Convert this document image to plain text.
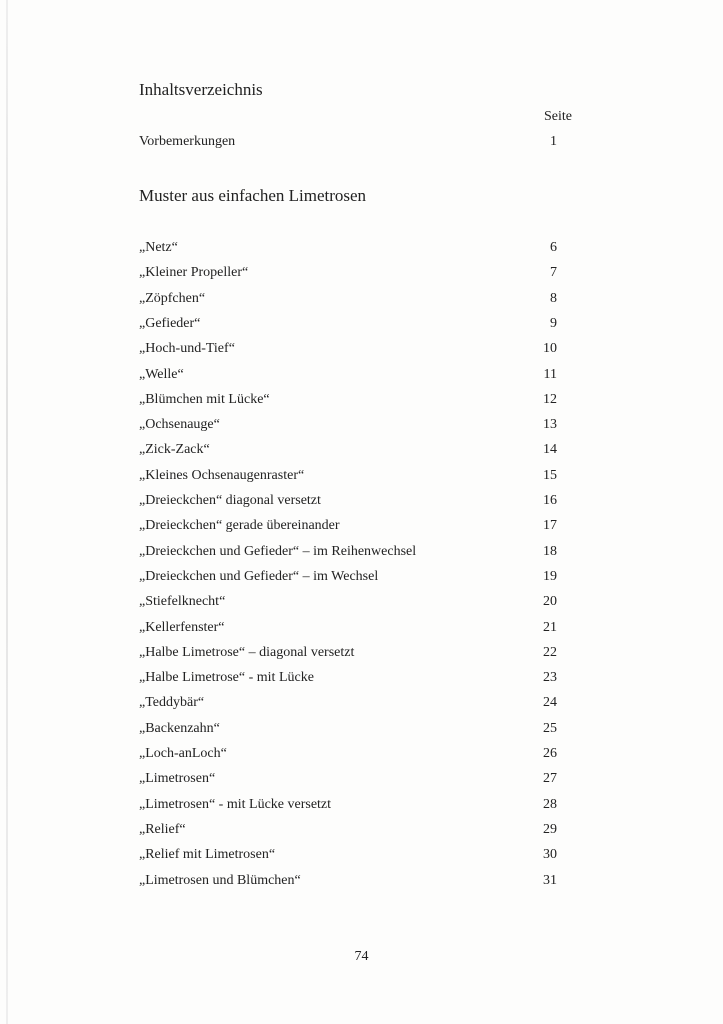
Inhaltsverzeichnis
Seite
Vorbemerkungen	1
Muster aus einfachen Limetrosen
„Netz“	6
„Kleiner Propeller“	7
„Zöpfchen“	8
„Gefieder“	9
„Hoch-und-Tief“	10
„Welle“	11
„Blümchen mit Lücke“	12
„Ochsenauge“	13
„Zick-Zack“	14
„Kleines Ochsenaugenraster“	15
„Dreieckchen“ diagonal versetzt	16
„Dreieckchen“ gerade übereinander	17
„Dreieckchen und Gefieder“ – im Reihenwechsel	18
„Dreieckchen und Gefieder“ – im Wechsel	19
„Stiefelknecht“	20
„Kellerfenster“	21
„Halbe Limetrose“ – diagonal versetzt	22
„Halbe Limetrose“ - mit Lücke	23
„Teddybär“	24
„Backenzahn“	25
„Loch-anLoch“	26
„Limetrosen“	27
„Limetrosen“ - mit Lücke versetzt	28
„Relief“	29
„Relief mit Limetrosen“	30
„Limetrosen und Blümchen“	31
74
